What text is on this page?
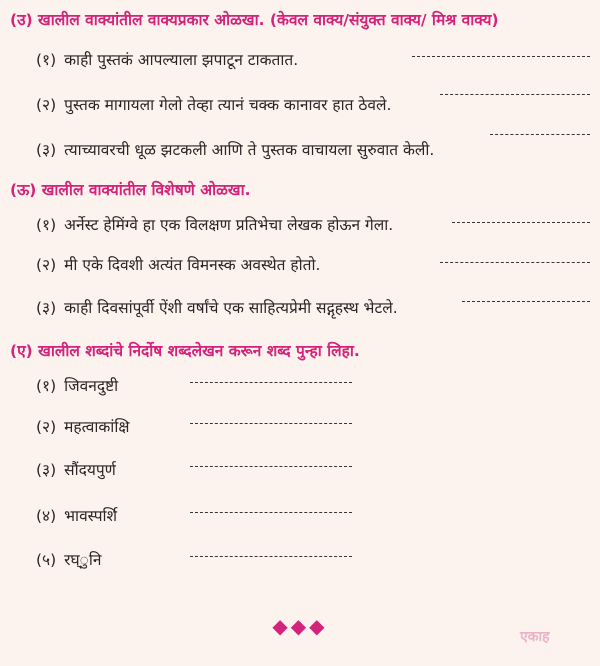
(उ) खालील वाक्यांतील वाक्यप्रकार ओळखा. (केवल वाक्य/संयुक्त वाक्य/ मिश्र वाक्य)
(१) काही पुस्तकं आपल्याला झपाटून टाकतात.
(२) पुस्तक मागायला गेलो तेव्हा त्यानं चक्क कानावर हात ठेवले.
(३) त्याच्यावरची धूळ झटकली आणि ते पुस्तक वाचायला सुरुवात केली.
(ऊ) खालील वाक्यांतील विशेषणे ओळखा.
(१) अर्नेस्ट हेमिंग्वे हा एक विलक्षण प्रतिभेचा लेखक होऊन गेला.
(२) मी एके दिवशी अत्यंत विमनस्क अवस्थेत होतो.
(३) काही दिवसांपूर्वी ऐंशी वर्षांचे एक साहित्यप्रेमी सद्गृहस्थ भेटले.
(ए) खालील शब्दांचे निर्दोष शब्दलेखन करून शब्द पुन्हा लिहा.
(१) जिवनदुष्टी
(२) महत्वाकांक्षि
(३) सौंदयपुर्ण
(४) भावस्पर्शि
(५) रघ्ुनि
◆◆◆	एकाह
